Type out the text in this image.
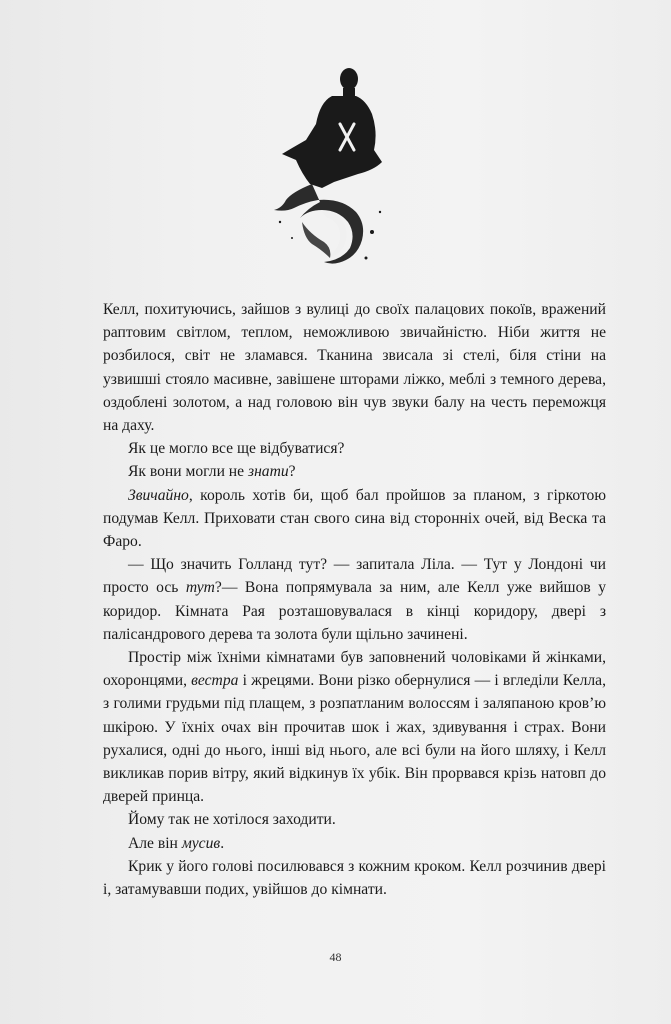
Келл, похитуючись, зайшов з вулиці до своїх палацових покоїв, вражений раптовим світлом, теплом, неможливою звичайністю. Ніби життя не розбилося, світ не зламався. Тканина звисала зі стелі, біля стіни на узвишші стояло масивне, завішене шторами ліжко, меблі з темного дерева, оздоблені золотом, а над головою він чув звуки балу на честь переможця на даху.

Як це могло все ще відбуватися?

Як вони могли не знати?

Звичайно, король хотів би, щоб бал пройшов за планом, з гіркотою подумав Келл. Приховати стан свого сина від сторонніх очей, від Веска та Фаро.

— Що значить Голланд тут? — запитала Ліла. — Тут у Лондоні чи просто ось тут?— Вона попрямувала за ним, але Келл уже вийшов у коридор. Кімната Рая розташовувалася в кінці коридору, двері з палісандрового дерева та золота були щільно зачинені.

Простір між їхніми кімнатами був заповнений чоловіками й жінками, охоронцями, вестра і жрецями. Вони різко обернулися — і вгледіли Келла, з голими грудьми під плащем, з розпатланим волоссям і заляпаною кров’ю шкірою. У їхніх очах він прочитав шок і жах, здивування і страх. Вони рухалися, одні до нього, інші від нього, але всі були на його шляху, і Келл викликав порив вітру, який відкинув їх убік. Він прорвався крізь натовп до дверей принца.

Йому так не хотілося заходити.

Але він мусив.

Крик у його голові посилювався з кожним кроком. Келл розчинив двері і, затамувавши подих, увійшов до кімнати.

48
